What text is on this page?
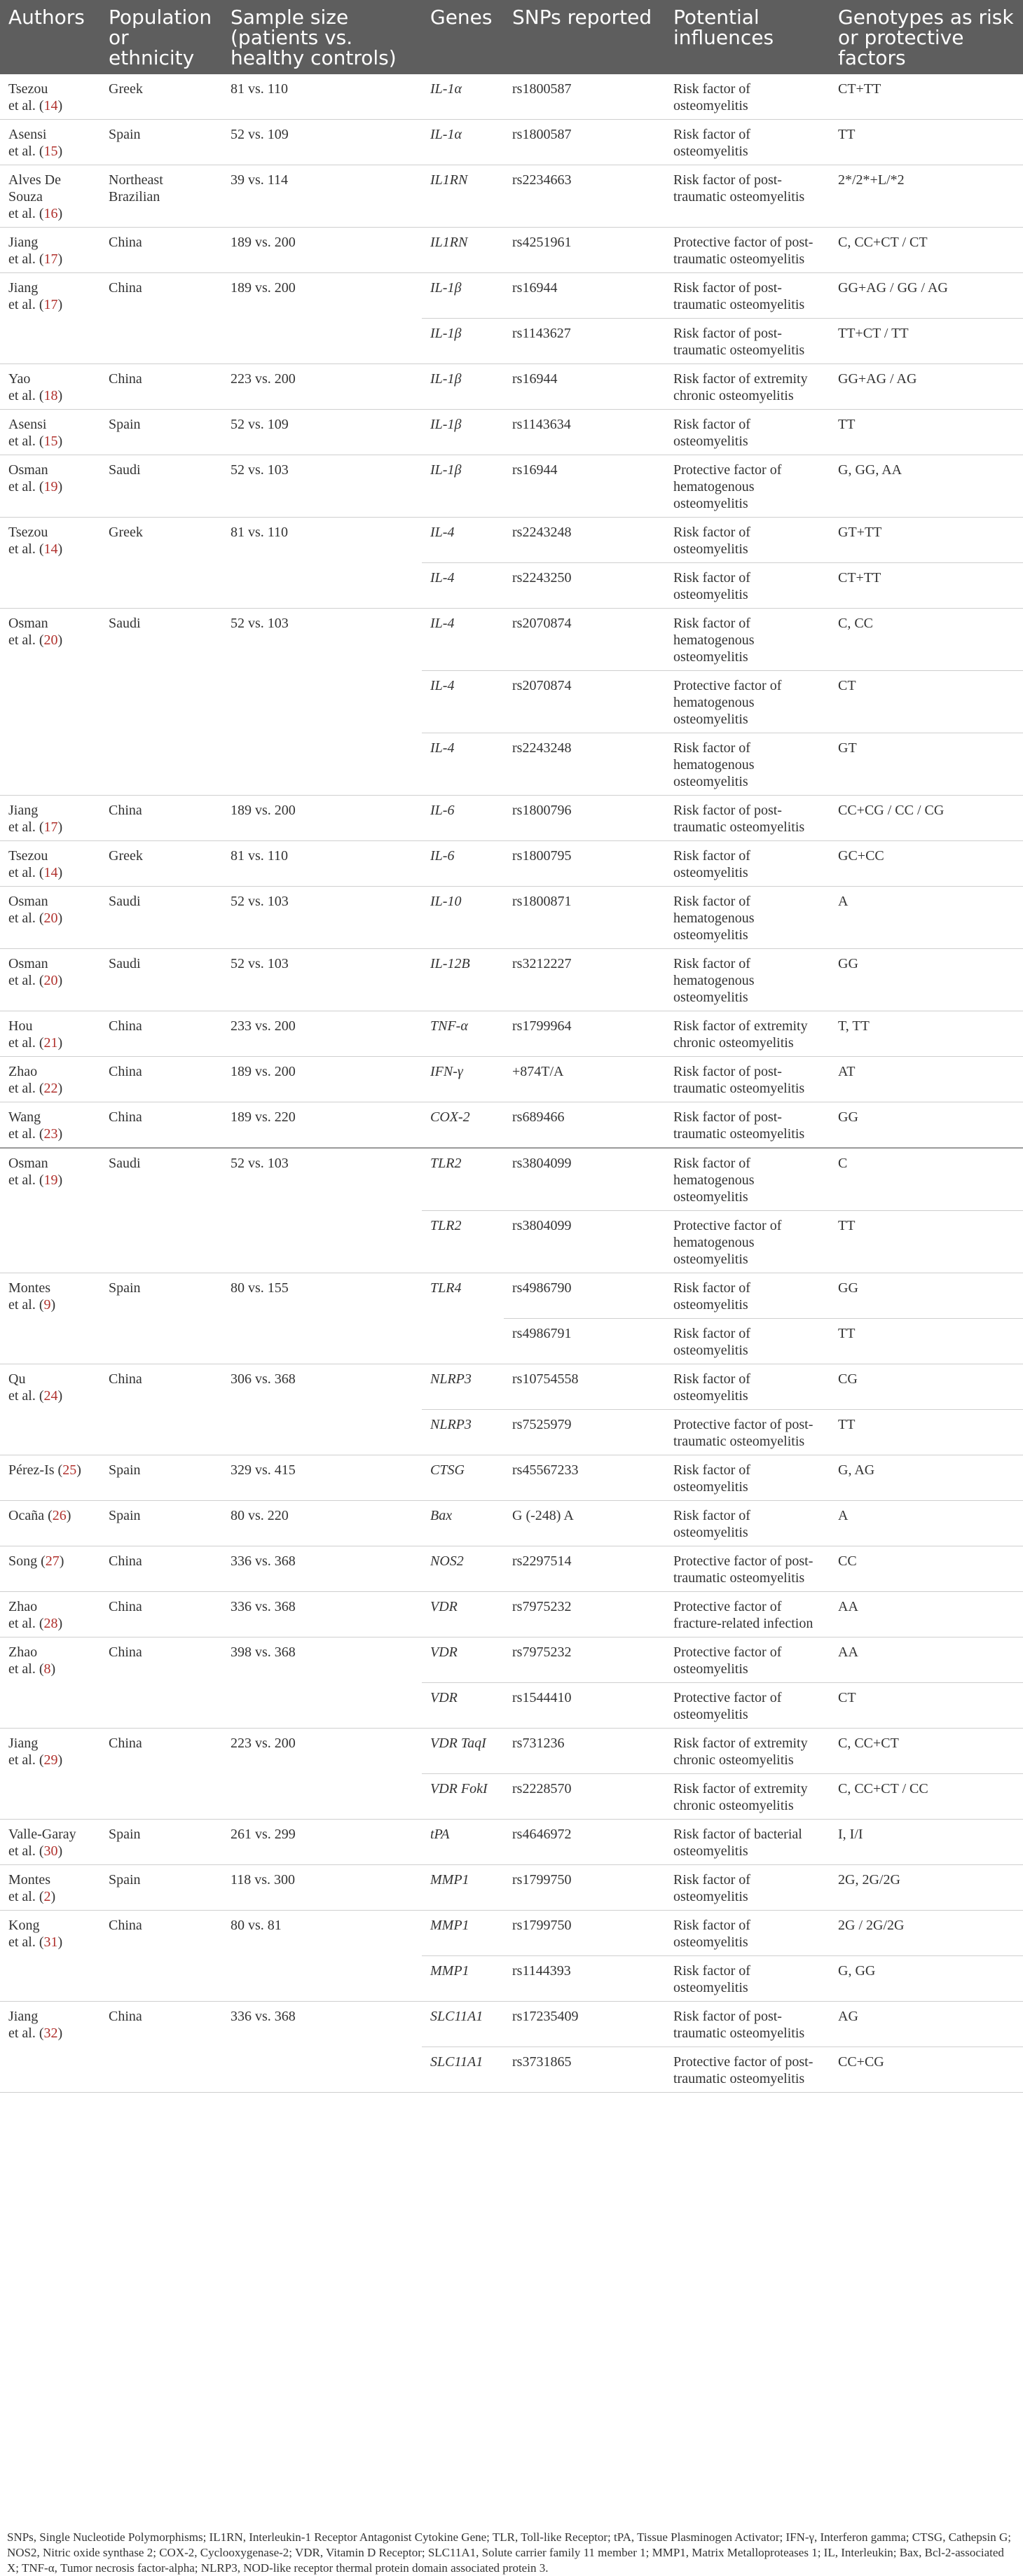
Authors	Population or ethnicity	Sample size (patients vs. healthy controls)	Genes	SNPs reported	Potential influences	Genotypes as risk or protective factors
Tsezou
et al. (14)	Greek	81 vs. 110	IL-1α	rs1800587	Risk factor of osteomyelitis	CT+TT
Asensi
et al. (15)	Spain	52 vs. 109	IL-1α	rs1800587	Risk factor of osteomyelitis	TT
Alves De Souza
et al. (16)	Northeast Brazilian	39 vs. 114	IL1RN	rs2234663	Risk factor of post-traumatic osteomyelitis	2*/2*+L/*2
Jiang
et al. (17)	China	189 vs. 200	IL1RN	rs4251961	Protective factor of post-traumatic osteomyelitis	C, CC+CT / CT
Jiang
et al. (17)	China	189 vs. 200	IL-1β	rs16944	Risk factor of post-traumatic osteomyelitis	GG+AG / GG / AG
			IL-1β	rs1143627	Risk factor of post-traumatic osteomyelitis	TT+CT / TT
Yao
et al. (18)	China	223 vs. 200	IL-1β	rs16944	Risk factor of extremity chronic osteomyelitis	GG+AG / AG
Asensi
et al. (15)	Spain	52 vs. 109	IL-1β	rs1143634	Risk factor of osteomyelitis	TT
Osman
et al. (19)	Saudi	52 vs. 103	IL-1β	rs16944	Protective factor of hematogenous osteomyelitis	G, GG, AA
Tsezou
et al. (14)	Greek	81 vs. 110	IL-4	rs2243248	Risk factor of osteomyelitis	GT+TT
			IL-4	rs2243250	Risk factor of osteomyelitis	CT+TT
Osman
et al. (20)	Saudi	52 vs. 103	IL-4	rs2070874	Risk factor of hematogenous osteomyelitis	C, CC
			IL-4	rs2070874	Protective factor of hematogenous osteomyelitis	CT
			IL-4	rs2243248	Risk factor of hematogenous osteomyelitis	GT
Jiang
et al. (17)	China	189 vs. 200	IL-6	rs1800796	Risk factor of post-traumatic osteomyelitis	CC+CG / CC / CG
Tsezou
et al. (14)	Greek	81 vs. 110	IL-6	rs1800795	Risk factor of osteomyelitis	GC+CC
Osman
et al. (20)	Saudi	52 vs. 103	IL-10	rs1800871	Risk factor of hematogenous osteomyelitis	A
Osman
et al. (20)	Saudi	52 vs. 103	IL-12B	rs3212227	Risk factor of hematogenous osteomyelitis	GG
Hou
et al. (21)	China	233 vs. 200	TNF-α	rs1799964	Risk factor of extremity chronic osteomyelitis	T, TT
Zhao
et al. (22)	China	189 vs. 200	IFN-γ	+874T/A	Risk factor of post-traumatic osteomyelitis	AT
Wang
et al. (23)	China	189 vs. 220	COX-2	rs689466	Risk factor of post-traumatic osteomyelitis	GG
Osman
et al. (19)	Saudi	52 vs. 103	TLR2	rs3804099	Risk factor of hematogenous osteomyelitis	C
			TLR2	rs3804099	Protective factor of hematogenous osteomyelitis	TT
Montes
et al. (9)	Spain	80 vs. 155	TLR4	rs4986790	Risk factor of osteomyelitis	GG
				rs4986791	Risk factor of osteomyelitis	TT
Qu
et al. (24)	China	306 vs. 368	NLRP3	rs10754558	Risk factor of osteomyelitis	CG
			NLRP3	rs7525979	Protective factor of post-traumatic osteomyelitis	TT
Pérez-Is (25)	Spain	329 vs. 415	CTSG	rs45567233	Risk factor of osteomyelitis	G, AG
Ocaña (26)	Spain	80 vs. 220	Bax	G (-248) A	Risk factor of osteomyelitis	A
Song (27)	China	336 vs. 368	NOS2	rs2297514	Protective factor of post-traumatic osteomyelitis	CC
Zhao
et al. (28)	China	336 vs. 368	VDR	rs7975232	Protective factor of fracture-related infection	AA
Zhao
et al. (8)	China	398 vs. 368	VDR	rs7975232	Protective factor of osteomyelitis	AA
			VDR	rs1544410	Protective factor of osteomyelitis	CT
Jiang
et al. (29)	China	223 vs. 200	VDR TaqI	rs731236	Risk factor of extremity chronic osteomyelitis	C, CC+CT
			VDR FokI	rs2228570	Risk factor of extremity chronic osteomyelitis	C, CC+CT / CC
Valle-Garay
et al. (30)	Spain	261 vs. 299	tPA	rs4646972	Risk factor of bacterial osteomyelitis	I, I/I
Montes
et al. (2)	Spain	118 vs. 300	MMP1	rs1799750	Risk factor of osteomyelitis	2G, 2G/2G
Kong
et al. (31)	China	80 vs. 81	MMP1	rs1799750	Risk factor of osteomyelitis	2G / 2G/2G
			MMP1	rs1144393	Risk factor of osteomyelitis	G, GG
Jiang
et al. (32)	China	336 vs. 368	SLC11A1	rs17235409	Risk factor of post-traumatic osteomyelitis	AG
			SLC11A1	rs3731865	Protective factor of post-traumatic osteomyelitis	CC+CG
SNPs, Single Nucleotide Polymorphisms; IL1RN, Interleukin-1 Receptor Antagonist Cytokine Gene; TLR, Toll-like Receptor; tPA, Tissue Plasminogen Activator; IFN-γ, Interferon gamma; CTSG, Cathepsin G; NOS2, Nitric oxide synthase 2; COX-2, Cyclooxygenase-2; VDR, Vitamin D Receptor; SLC11A1, Solute carrier family 11 member 1; MMP1, Matrix Metalloproteases 1; IL, Interleukin; Bax, Bcl-2-associated X; TNF-α, Tumor necrosis factor-alpha; NLRP3, NOD-like receptor thermal protein domain associated protein 3.
